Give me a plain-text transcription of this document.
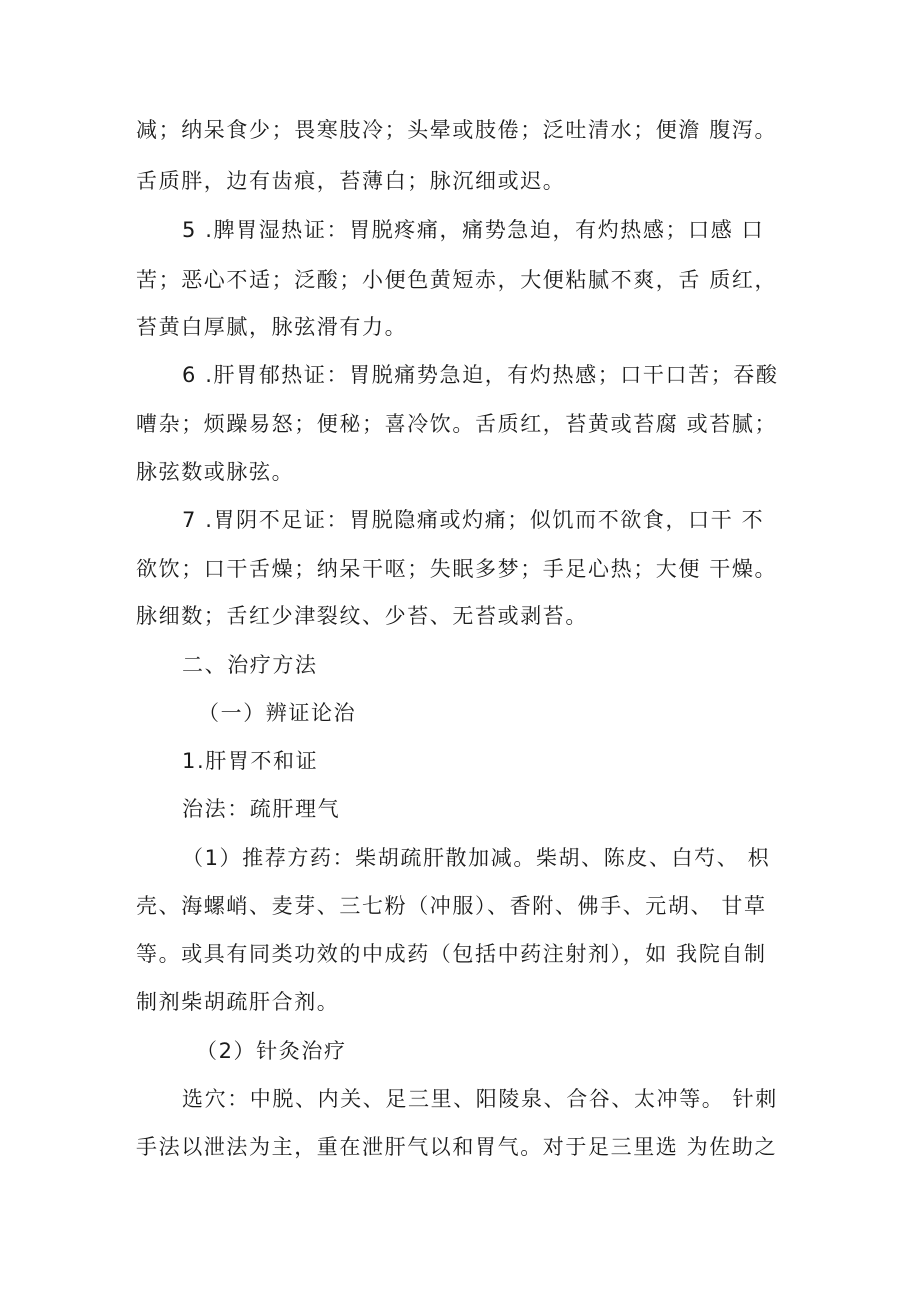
减；纳呆食少；畏寒肢冷；头晕或肢倦；泛吐清水；便澹 腹泻。
舌质胖，边有齿痕，苔薄白；脉沉细或迟。
5 .脾胃湿热证：胃脱疼痛，痛势急迫，有灼热感；口感 口
苦；恶心不适；泛酸；小便色黄短赤，大便粘腻不爽，舌 质红，
苔黄白厚腻，脉弦滑有力。
6 .肝胃郁热证：胃脱痛势急迫，有灼热感；口干口苦；吞酸
嘈杂；烦躁易怒；便秘；喜冷饮。舌质红，苔黄或苔腐 或苔腻；
脉弦数或脉弦。
7 .胃阴不足证：胃脱隐痛或灼痛；似饥而不欲食，口干 不
欲饮；口干舌燥；纳呆干呕；失眠多梦；手足心热；大便 干燥。
脉细数；舌红少津裂纹、少苔、无苔或剥苔。
二、治疗方法
（一）辨证论治
1.肝胃不和证
治法：疏肝理气
（1）推荐方药：柴胡疏肝散加减。柴胡、陈皮、白芍、 枳
壳、海螺峭、麦芽、三七粉（冲服）、香附、佛手、元胡、 甘草
等。或具有同类功效的中成药（包括中药注射剂），如 我院自制
制剂柴胡疏肝合剂。
（2）针灸治疗
选穴：中脱、内关、足三里、阳陵泉、合谷、太冲等。 针刺
手法以泄法为主，重在泄肝气以和胃气。对于足三里选 为佐助之
